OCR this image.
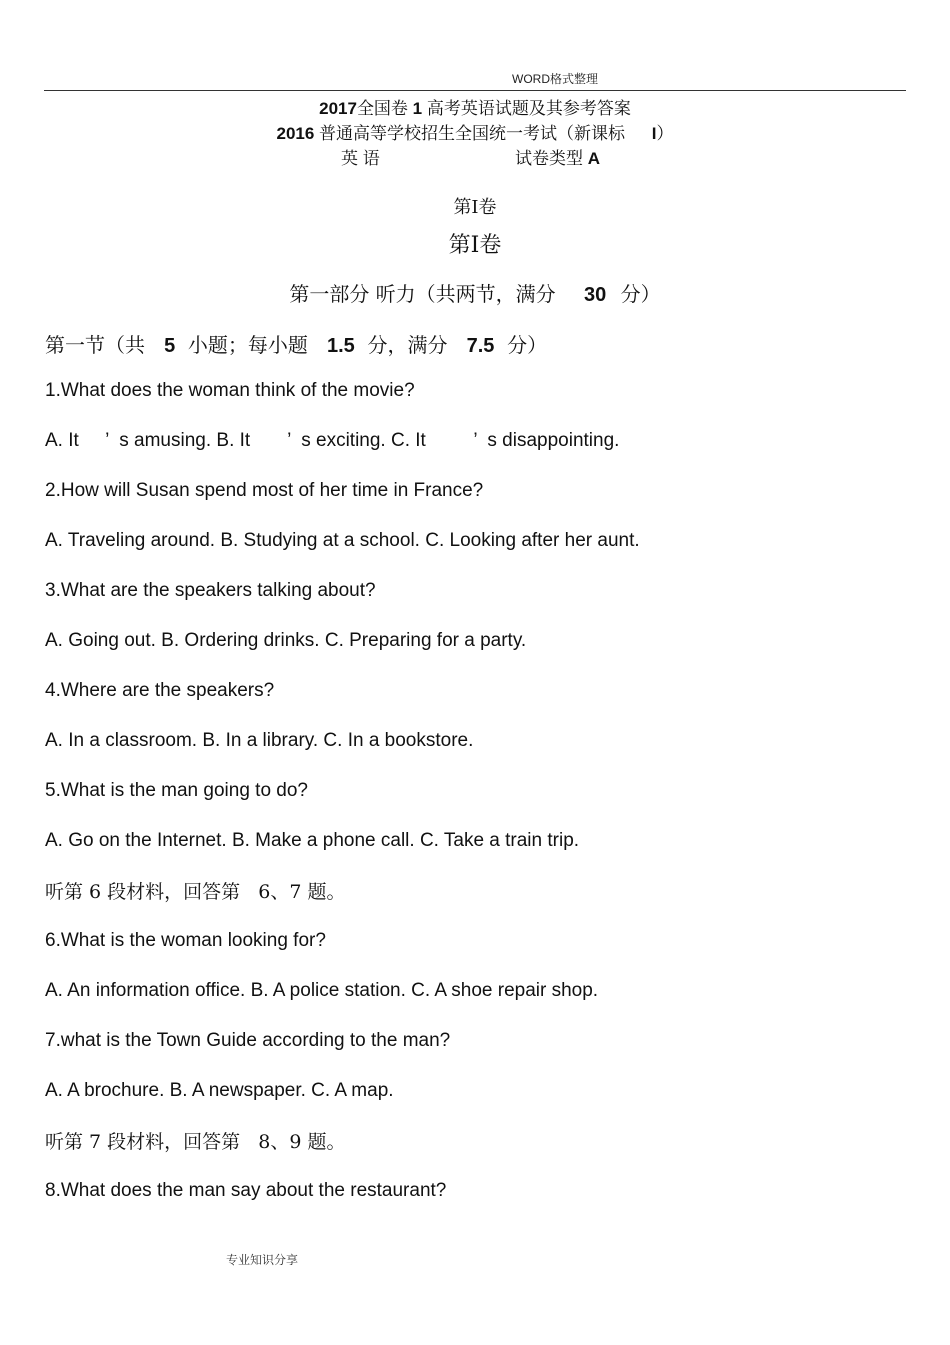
WORD格式整理
2017全国卷 1 高考英语试题及其参考答案
2016 普通高等学校招生全国统一考试（新课标 I）
英 语	试卷类型 A
第Ⅰ卷
第Ⅰ卷
第一部分 听力（共两节，满分 30 分）
第一节（共 5 小题；每小题 1.5 分，满分 7.5 分）
1.What does the woman think of the movie?
A. It     ’  s amusing. B. It       ’  s exciting. C. It         ’  s disappointing.
2.How will Susan spend most of her time in France?
A. Traveling around. B. Studying at a school. C. Looking after her aunt.
3.What are the speakers talking about?
A. Going out. B. Ordering drinks. C. Preparing for a party.
4.Where are the speakers?
A. In a classroom. B. In a library. C. In a bookstore.
5.What is the man going to do?
A. Go on the Internet. B. Make a phone call. C. Take a train trip.
听第 6 段材料，回答第   6、7 题。
6.What is the woman looking for?
A. An information office. B. A police station. C. A shoe repair shop.
7.what is the Town Guide according to the man?
A. A brochure. B. A newspaper. C. A map.
听第 7 段材料，回答第   8、9 题。
8.What does the man say about the restaurant?
专业知识分享
